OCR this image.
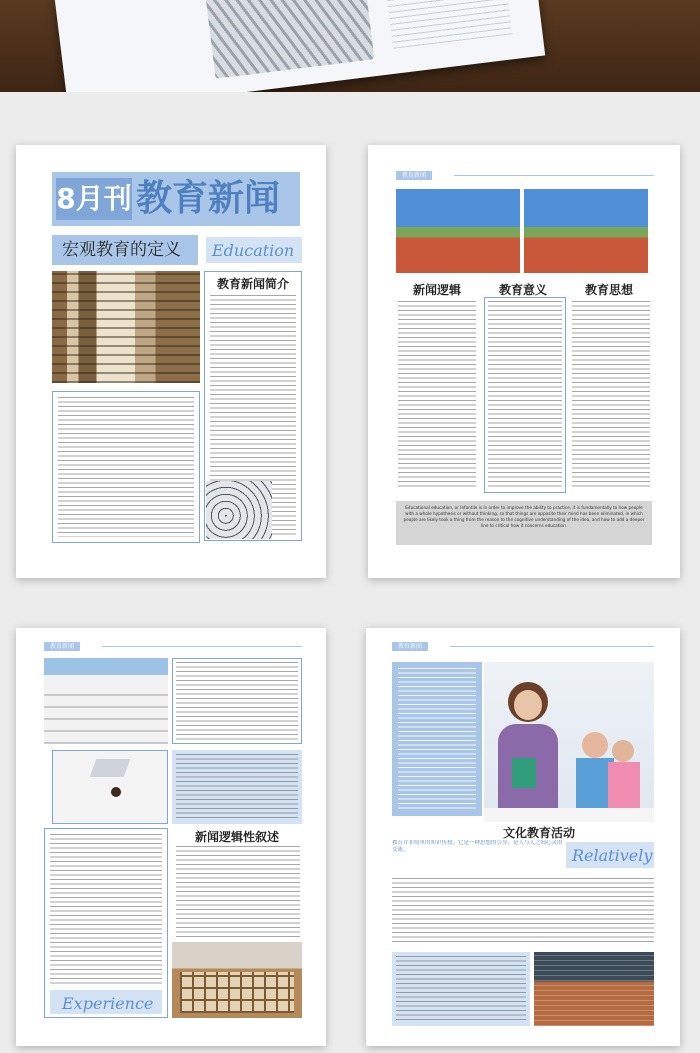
8月刊 教育新闻
宏观教育的定义	Education
教育新闻简介
教育新闻
新闻逻辑	教育意义	教育思想
Educational education, or Infantile is in order to improve the ability to practice, it is fundamentally to how people with a whole hypothesis or without thinking, so that things are opposite their mind has been eliminated, in which people are likely took a thing from the reason to the cognitive understanding of the idea, and how to add a deeper line to critical how it concerns education.
教育新闻
新闻逻辑性叙述
Experience
教育新闻
文化教育活动
教育并非简单的知识传授，它是一种思想的引导，是人与人之间心灵的交流。	Relatively
